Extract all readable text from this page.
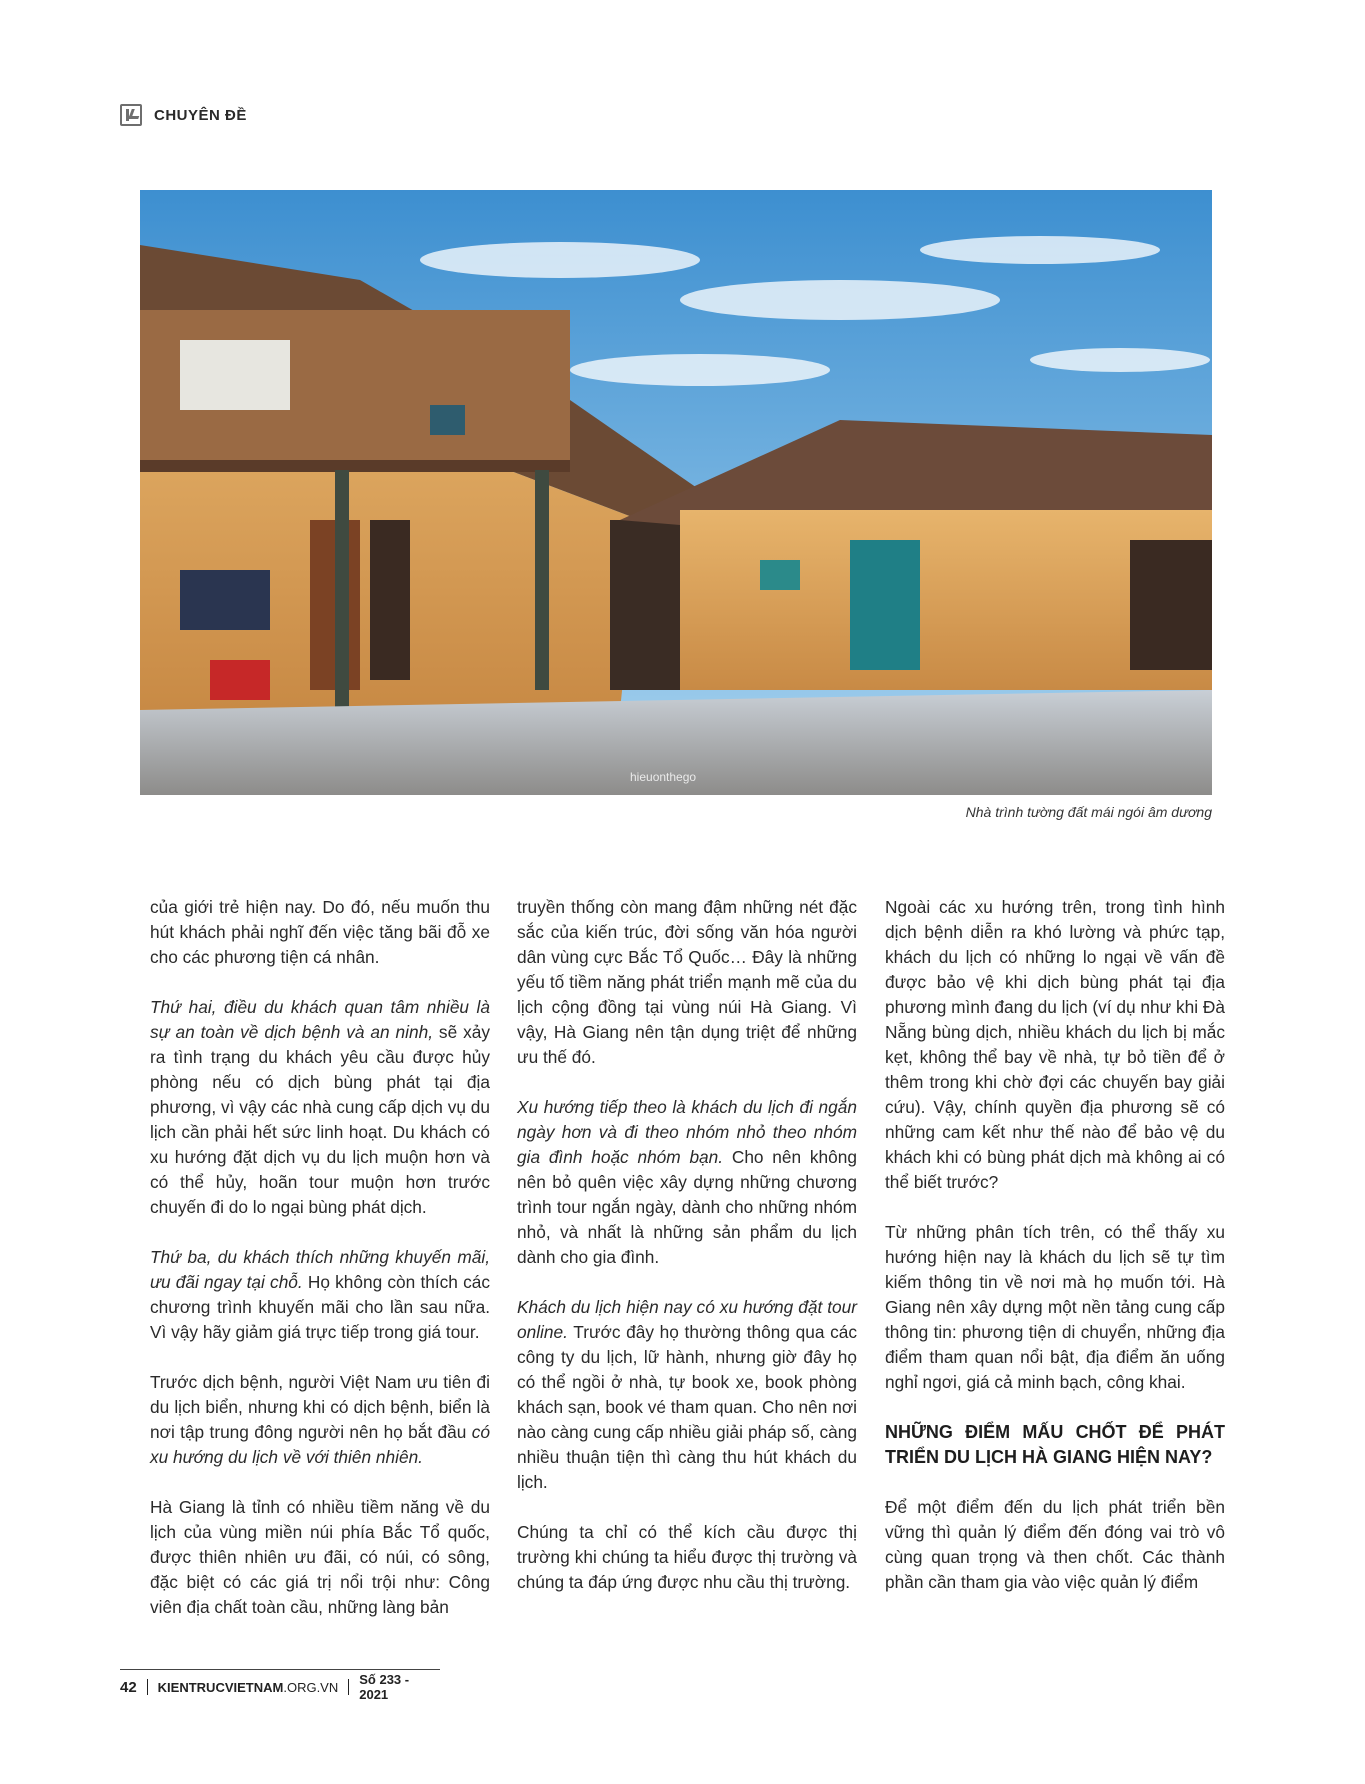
CHUYÊN ĐỀ
hieuonthego
Nhà trình tường đất mái ngói âm dương

của giới trẻ hiện nay. Do đó, nếu muốn thu hút khách phải nghĩ đến việc tăng bãi đỗ xe cho các phương tiện cá nhân.

Thứ hai, điều du khách quan tâm nhiều là sự an toàn về dịch bệnh và an ninh, sẽ xảy ra tình trạng du khách yêu cầu được hủy phòng nếu có dịch bùng phát tại địa phương, vì vậy các nhà cung cấp dịch vụ du lịch cần phải hết sức linh hoạt. Du khách có xu hướng đặt dịch vụ du lịch muộn hơn và có thể hủy, hoãn tour muộn hơn trước chuyến đi do lo ngại bùng phát dịch.

Thứ ba, du khách thích những khuyến mãi, ưu đãi ngay tại chỗ. Họ không còn thích các chương trình khuyến mãi cho lần sau nữa. Vì vậy hãy giảm giá trực tiếp trong giá tour.

Trước dịch bệnh, người Việt Nam ưu tiên đi du lịch biển, nhưng khi có dịch bệnh, biển là nơi tập trung đông người nên họ bắt đầu có xu hướng du lịch về với thiên nhiên.

Hà Giang là tỉnh có nhiều tiềm năng về du lịch của vùng miền núi phía Bắc Tổ quốc, được thiên nhiên ưu đãi, có núi, có sông, đặc biệt có các giá trị nổi trội như: Công viên địa chất toàn cầu, những làng bản

truyền thống còn mang đậm những nét đặc sắc của kiến trúc, đời sống văn hóa người dân vùng cực Bắc Tổ Quốc… Đây là những yếu tố tiềm năng phát triển mạnh mẽ của du lịch cộng đồng tại vùng núi Hà Giang. Vì vậy, Hà Giang nên tận dụng triệt để những ưu thế đó.

Xu hướng tiếp theo là khách du lịch đi ngắn ngày hơn và đi theo nhóm nhỏ theo nhóm gia đình hoặc nhóm bạn. Cho nên không nên bỏ quên việc xây dựng những chương trình tour ngắn ngày, dành cho những nhóm nhỏ, và nhất là những sản phẩm du lịch dành cho gia đình.

Khách du lịch hiện nay có xu hướng đặt tour online. Trước đây họ thường thông qua các công ty du lịch, lữ hành, nhưng giờ đây họ có thể ngồi ở nhà, tự book xe, book phòng khách sạn, book vé tham quan. Cho nên nơi nào càng cung cấp nhiều giải pháp số, càng nhiều thuận tiện thì càng thu hút khách du lịch.

Chúng ta chỉ có thể kích cầu được thị trường khi chúng ta hiểu được thị trường và chúng ta đáp ứng được nhu cầu thị trường.

Ngoài các xu hướng trên, trong tình hình dịch bệnh diễn ra khó lường và phức tạp, khách du lịch có những lo ngại về vấn đề được bảo vệ khi dịch bùng phát tại địa phương mình đang du lịch (ví dụ như khi Đà Nẵng bùng dịch, nhiều khách du lịch bị mắc kẹt, không thể bay về nhà, tự bỏ tiền để ở thêm trong khi chờ đợi các chuyến bay giải cứu). Vậy, chính quyền địa phương sẽ có những cam kết như thế nào để bảo vệ du khách khi có bùng phát dịch mà không ai có thể biết trước?

Từ những phân tích trên, có thể thấy xu hướng hiện nay là khách du lịch sẽ tự tìm kiếm thông tin về nơi mà họ muốn tới. Hà Giang nên xây dựng một nền tảng cung cấp thông tin: phương tiện di chuyển, những địa điểm tham quan nổi bật, địa điểm ăn uống nghỉ ngơi, giá cả minh bạch, công khai.

NHỮNG ĐIỂM MẤU CHỐT ĐỂ PHÁT TRIỂN DU LỊCH HÀ GIANG HIỆN NAY?

Để một điểm đến du lịch phát triển bền vững thì quản lý điểm đến đóng vai trò vô cùng quan trọng và then chốt. Các thành phần cần tham gia vào việc quản lý điểm

42 KIENTRUCVIETNAM.ORG.VN Số 233 - 2021
